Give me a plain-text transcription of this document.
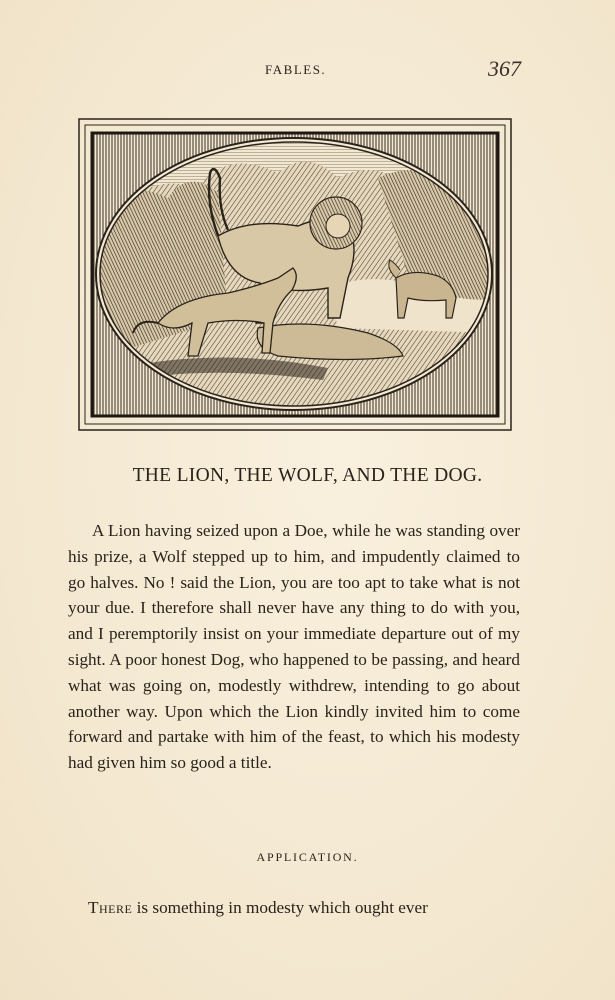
FABLES.	367
THE LION, THE WOLF, AND THE DOG.

A Lion having seized upon a Doe, while he was standing over his prize, a Wolf stepped up to him, and impudently claimed to go halves. No ! said the Lion, you are too apt to take what is not your due. I therefore shall never have any thing to do with you, and I peremptorily insist on your immediate departure out of my sight. A poor honest Dog, who happened to be passing, and heard what was going on, modestly withdrew, intending to go about another way. Upon which the Lion kindly invited him to come forward and partake with him of the feast, to which his modesty had given him so good a title.

APPLICATION.
There is something in modesty which ought ever
